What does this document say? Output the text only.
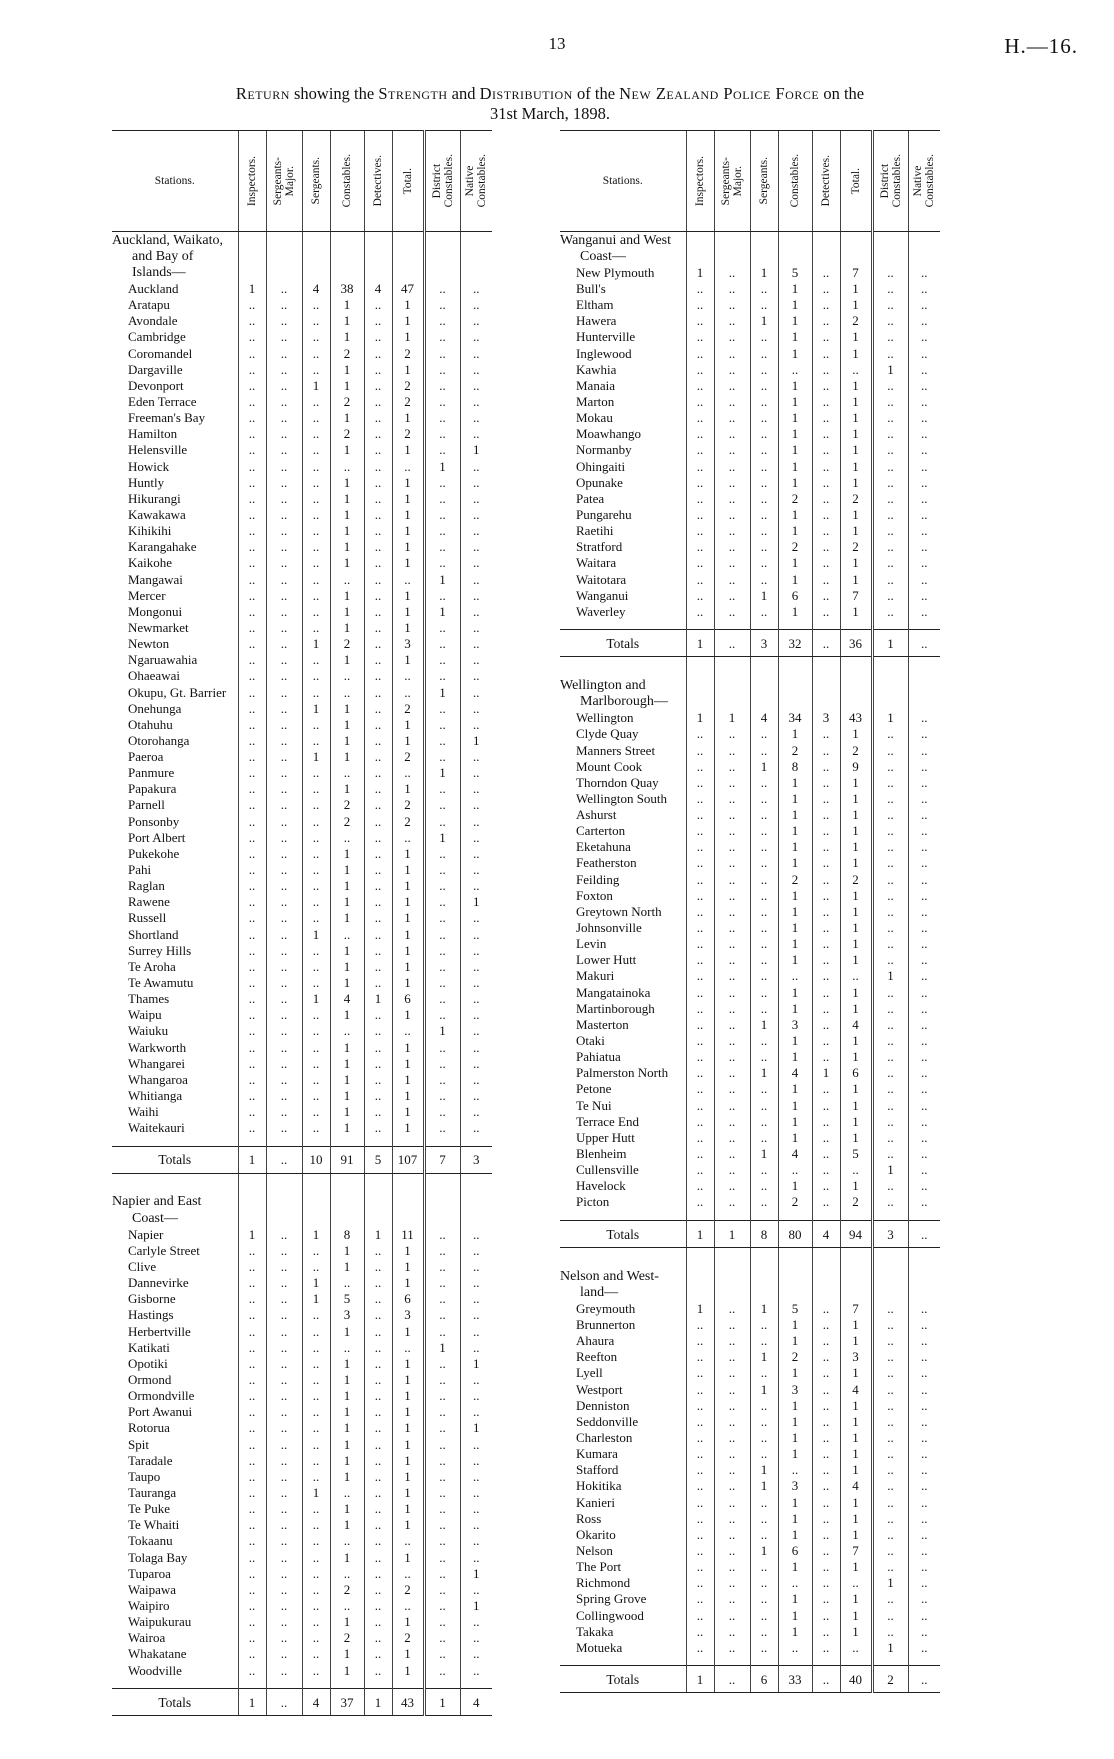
13	H.—16.
Return showing the Strength and Distribution of the New Zealand Police Force on the
31st March, 1898.
Stations.	Inspectors.	Sergeants-
Major.	Sergeants.	Constables.	Detectives.	Total.	District
Constables.	Native
Constables.

Auckland, Waikato,								
and Bay of								
Islands—								
Auckland	1	..	4	38	4	47	..	..
Aratapu	..	..	..	1	..	1	..	..
Avondale	..	..	..	1	..	1	..	..
Cambridge	..	..	..	1	..	1	..	..
Coromandel	..	..	..	2	..	2	..	..
Dargaville	..	..	..	1	..	1	..	..
Devonport	..	..	1	1	..	2	..	..
Eden Terrace	..	..	..	2	..	2	..	..
Freeman's Bay	..	..	..	1	..	1	..	..
Hamilton	..	..	..	2	..	2	..	..
Helensville	..	..	..	1	..	1	..	1
Howick	..	..	..	..	..	..	1	..
Huntly	..	..	..	1	..	1	..	..
Hikurangi	..	..	..	1	..	1	..	..
Kawakawa	..	..	..	1	..	1	..	..
Kihikihi	..	..	..	1	..	1	..	..
Karangahake	..	..	..	1	..	1	..	..
Kaikohe	..	..	..	1	..	1	..	..
Mangawai	..	..	..	..	..	..	1	..
Mercer	..	..	..	1	..	1	..	..
Mongonui	..	..	..	1	..	1	1	..
Newmarket	..	..	..	1	..	1	..	..
Newton	..	..	1	2	..	3	..	..
Ngaruawahia	..	..	..	1	..	1	..	..
Ohaeawai	..	..	..	..	..	..	..	..
Okupu, Gt. Barrier	..	..	..	..	..	..	1	..
Onehunga	..	..	1	1	..	2	..	..
Otahuhu	..	..	..	1	..	1	..	..
Otorohanga	..	..	..	1	..	1	..	1
Paeroa	..	..	1	1	..	2	..	..
Panmure	..	..	..	..	..	..	1	..
Papakura	..	..	..	1	..	1	..	..
Parnell	..	..	..	2	..	2	..	..
Ponsonby	..	..	..	2	..	2	..	..
Port Albert	..	..	..	..	..	..	1	..
Pukekohe	..	..	..	1	..	1	..	..
Pahi	..	..	..	1	..	1	..	..
Raglan	..	..	..	1	..	1	..	..
Rawene	..	..	..	1	..	1	..	1
Russell	..	..	..	1	..	1	..	..
Shortland	..	..	1	..	..	1	..	..
Surrey Hills	..	..	..	1	..	1	..	..
Te Aroha	..	..	..	1	..	1	..	..
Te Awamutu	..	..	..	1	..	1	..	..
Thames	..	..	1	4	1	6	..	..
Waipu	..	..	..	1	..	1	..	..
Waiuku	..	..	..	..	..	..	1	..
Warkworth	..	..	..	1	..	1	..	..
Whangarei	..	..	..	1	..	1	..	..
Whangaroa	..	..	..	1	..	1	..	..
Whitianga	..	..	..	1	..	1	..	..
Waihi	..	..	..	1	..	1	..	..
Waitekauri	..	..	..	1	..	1	..	..

Totals	1	..	10	91	5	107	7	3

Napier and East								
Coast—								
Napier	1	..	1	8	1	11	..	..
Carlyle Street	..	..	..	1	..	1	..	..
Clive	..	..	..	1	..	1	..	..
Dannevirke	..	..	1	..	..	1	..	..
Gisborne	..	..	1	5	..	6	..	..
Hastings	..	..	..	3	..	3	..	..
Herbertville	..	..	..	1	..	1	..	..
Katikati	..	..	..	..	..	..	1	..
Opotiki	..	..	..	1	..	1	..	1
Ormond	..	..	..	1	..	1	..	..
Ormondville	..	..	..	1	..	1	..	..
Port Awanui	..	..	..	1	..	1	..	..
Rotorua	..	..	..	1	..	1	..	1
Spit	..	..	..	1	..	1	..	..
Taradale	..	..	..	1	..	1	..	..
Taupo	..	..	..	1	..	1	..	..
Tauranga	..	..	1	..	..	1	..	..
Te Puke	..	..	..	1	..	1	..	..
Te Whaiti	..	..	..	1	..	1	..	..
Tokaanu	..	..	..	..	..	..	..	..
Tolaga Bay	..	..	..	1	..	1	..	..
Tuparoa	..	..	..	..	..	..	..	1
Waipawa	..	..	..	2	..	2	..	..
Waipiro	..	..	..	..	..	..	..	1
Waipukurau	..	..	..	1	..	1	..	..
Wairoa	..	..	..	2	..	2	..	..
Whakatane	..	..	..	1	..	1	..	..
Woodville	..	..	..	1	..	1	..	..

Totals	1	..	4	37	1	43	1	4
Stations.	Inspectors.	Sergeants-
Major.	Sergeants.	Constables.	Detectives.	Total.	District
Constables.	Native
Constables.

Wanganui and West								
Coast—								
New Plymouth	1	..	1	5	..	7	..	..
Bull's	..	..	..	1	..	1	..	..
Eltham	..	..	..	1	..	1	..	..
Hawera	..	..	1	1	..	2	..	..
Hunterville	..	..	..	1	..	1	..	..
Inglewood	..	..	..	1	..	1	..	..
Kawhia	..	..	..	..	..	..	1	..
Manaia	..	..	..	1	..	1	..	..
Marton	..	..	..	1	..	1	..	..
Mokau	..	..	..	1	..	1	..	..
Moawhango	..	..	..	1	..	1	..	..
Normanby	..	..	..	1	..	1	..	..
Ohingaiti	..	..	..	1	..	1	..	..
Opunake	..	..	..	1	..	1	..	..
Patea	..	..	..	2	..	2	..	..
Pungarehu	..	..	..	1	..	1	..	..
Raetihi	..	..	..	1	..	1	..	..
Stratford	..	..	..	2	..	2	..	..
Waitara	..	..	..	1	..	1	..	..
Waitotara	..	..	..	1	..	1	..	..
Wanganui	..	..	1	6	..	7	..	..
Waverley	..	..	..	1	..	1	..	..

Totals	1	..	3	32	..	36	1	..

Wellington and								
Marlborough—								
Wellington	1	1	4	34	3	43	1	..
Clyde Quay	..	..	..	1	..	1	..	..
Manners Street	..	..	..	2	..	2	..	..
Mount Cook	..	..	1	8	..	9	..	..
Thorndon Quay	..	..	..	1	..	1	..	..
Wellington South	..	..	..	1	..	1	..	..
Ashurst	..	..	..	1	..	1	..	..
Carterton	..	..	..	1	..	1	..	..
Eketahuna	..	..	..	1	..	1	..	..
Featherston	..	..	..	1	..	1	..	..
Feilding	..	..	..	2	..	2	..	..
Foxton	..	..	..	1	..	1	..	..
Greytown North	..	..	..	1	..	1	..	..
Johnsonville	..	..	..	1	..	1	..	..
Levin	..	..	..	1	..	1	..	..
Lower Hutt	..	..	..	1	..	1	..	..
Makuri	..	..	..	..	..	..	1	..
Mangatainoka	..	..	..	1	..	1	..	..
Martinborough	..	..	..	1	..	1	..	..
Masterton	..	..	1	3	..	4	..	..
Otaki	..	..	..	1	..	1	..	..
Pahiatua	..	..	..	1	..	1	..	..
Palmerston North	..	..	1	4	1	6	..	..
Petone	..	..	..	1	..	1	..	..
Te Nui	..	..	..	1	..	1	..	..
Terrace End	..	..	..	1	..	1	..	..
Upper Hutt	..	..	..	1	..	1	..	..
Blenheim	..	..	1	4	..	5	..	..
Cullensville	..	..	..	..	..	..	1	..
Havelock	..	..	..	1	..	1	..	..
Picton	..	..	..	2	..	2	..	..

Totals	1	1	8	80	4	94	3	..

Nelson and West-								
land—								
Greymouth	1	..	1	5	..	7	..	..
Brunnerton	..	..	..	1	..	1	..	..
Ahaura	..	..	..	1	..	1	..	..
Reefton	..	..	1	2	..	3	..	..
Lyell	..	..	..	1	..	1	..	..
Westport	..	..	1	3	..	4	..	..
Denniston	..	..	..	1	..	1	..	..
Seddonville	..	..	..	1	..	1	..	..
Charleston	..	..	..	1	..	1	..	..
Kumara	..	..	..	1	..	1	..	..
Stafford	..	..	1	..	..	1	..	..
Hokitika	..	..	1	3	..	4	..	..
Kanieri	..	..	..	1	..	1	..	..
Ross	..	..	..	1	..	1	..	..
Okarito	..	..	..	1	..	1	..	..
Nelson	..	..	1	6	..	7	..	..
The Port	..	..	..	1	..	1	..	..
Richmond	..	..	..	..	..	..	1	..
Spring Grove	..	..	..	1	..	1	..	..
Collingwood	..	..	..	1	..	1	..	..
Takaka	..	..	..	1	..	1	..	..
Motueka	..	..	..	..	..	..	1	..

Totals	1	..	6	33	..	40	2	..
